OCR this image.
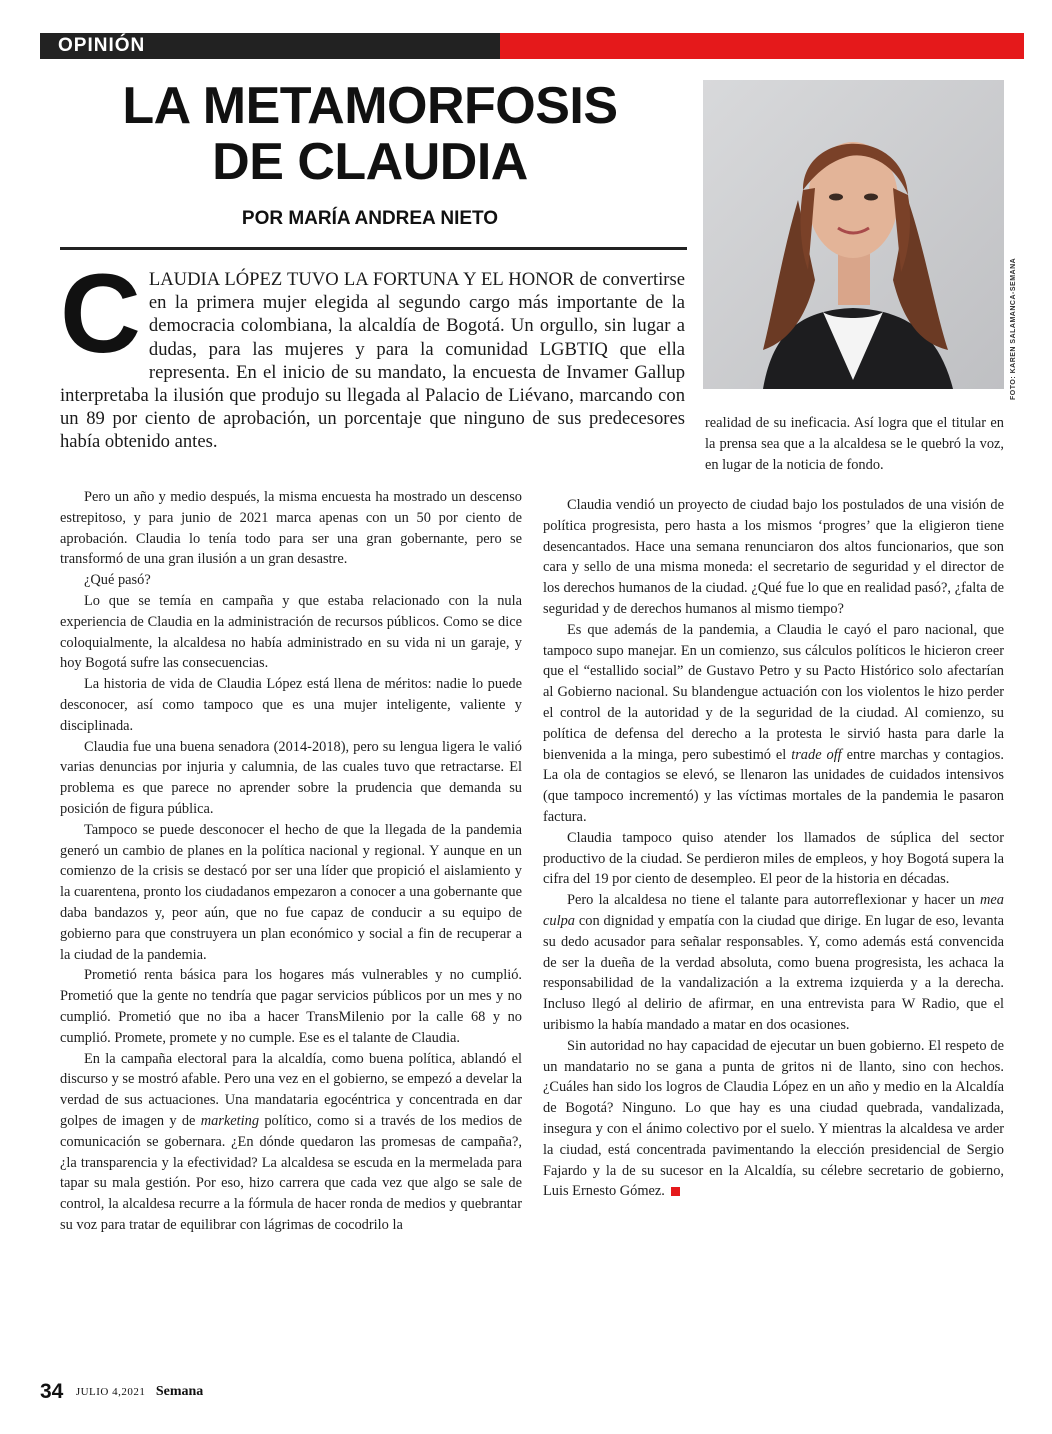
OPINIÓN
LA METAMORFOSIS
DE CLAUDIA
POR MARÍA ANDREA NIETO
FOTO: KAREN SALAMANCA-SEMANA
C LAUDIA LÓPEZ TUVO LA FORTUNA Y EL HONOR de convertirse en la primera mujer elegida al segundo cargo más importante de la democracia colombiana, la alcaldía de Bogotá. Un orgullo, sin lugar a dudas, para las mujeres y para la comunidad LGBTIQ que ella representa. En el inicio de su mandato, la encuesta de Invamer Gallup interpretaba la ilusión que produjo su llegada al Palacio de Liévano, marcando con un 89 por ciento de aprobación, un porcentaje que ninguno de sus predecesores había obtenido antes.

Pero un año y medio después, la misma encuesta ha mostrado un descenso estrepitoso, y para junio de 2021 marca apenas con un 50 por ciento de aprobación. Claudia lo tenía todo para ser una gran gobernante, pero se transformó de una gran ilusión a un gran desastre.

¿Qué pasó?

Lo que se temía en campaña y que estaba relacionado con la nula experiencia de Claudia en la administración de recursos públicos. Como se dice coloquialmente, la alcaldesa no había administrado en su vida ni un garaje, y hoy Bogotá sufre las consecuencias.

La historia de vida de Claudia López está llena de méritos: nadie lo puede desconocer, así como tampoco que es una mujer inteligente, valiente y disciplinada.

Claudia fue una buena senadora (2014-2018), pero su lengua ligera le valió varias denuncias por injuria y calumnia, de las cuales tuvo que retractarse. El problema es que parece no aprender sobre la prudencia que demanda su posición de figura pública.

Tampoco se puede desconocer el hecho de que la llegada de la pandemia generó un cambio de planes en la política nacional y regional. Y aunque en un comienzo de la crisis se destacó por ser una líder que propició el aislamiento y la cuarentena, pronto los ciudadanos empezaron a conocer a una gobernante que daba bandazos y, peor aún, que no fue capaz de conducir a su equipo de gobierno para que construyera un plan económico y social a fin de recuperar a la ciudad de la pandemia.

Prometió renta básica para los hogares más vulnerables y no cumplió. Prometió que la gente no tendría que pagar servicios públicos por un mes y no cumplió. Prometió que no iba a hacer TransMilenio por la calle 68 y no cumplió. Promete, promete y no cumple. Ese es el talante de Claudia.

En la campaña electoral para la alcaldía, como buena política, ablandó el discurso y se mostró afable. Pero una vez en el gobierno, se empezó a develar la verdad de sus actuaciones. Una mandataria egocéntrica y concentrada en dar golpes de imagen y de marketing político, como si a través de los medios de comunicación se gobernara. ¿En dónde quedaron las promesas de campaña?, ¿la transparencia y la efectividad? La alcaldesa se escuda en la mermelada para tapar su mala gestión. Por eso, hizo carrera que cada vez que algo se sale de control, la alcaldesa recurre a la fórmula de hacer ronda de medios y quebrantar su voz para tratar de equilibrar con lágrimas de cocodrilo la

realidad de su ineficacia. Así logra que el titular en la prensa sea que a la alcaldesa se le quebró la voz, en lugar de la noticia de fondo.

Claudia vendió un proyecto de ciudad bajo los postulados de una visión de política progresista, pero hasta a los mismos ‘progres’ que la eligieron tiene desencantados. Hace una semana renunciaron dos altos funcionarios, que son cara y sello de una misma moneda: el secretario de seguridad y el director de los derechos humanos de la ciudad. ¿Qué fue lo que en realidad pasó?, ¿falta de seguridad y de derechos humanos al mismo tiempo?

Es que además de la pandemia, a Claudia le cayó el paro nacional, que tampoco supo manejar. En un comienzo, sus cálculos políticos le hicieron creer que el “estallido social” de Gustavo Petro y su Pacto Histórico solo afectarían al Gobierno nacional. Su blandengue actuación con los violentos le hizo perder el control de la autoridad y de la seguridad de la ciudad. Al comienzo, su política de defensa del derecho a la protesta le sirvió hasta para darle la bienvenida a la minga, pero subestimó el trade off entre marchas y contagios. La ola de contagios se elevó, se llenaron las unidades de cuidados intensivos (que tampoco incrementó) y las víctimas mortales de la pandemia le pasaron factura.

Claudia tampoco quiso atender los llamados de súplica del sector productivo de la ciudad. Se perdieron miles de empleos, y hoy Bogotá supera la cifra del 19 por ciento de desempleo. El peor de la historia en décadas.

Pero la alcaldesa no tiene el talante para autorreflexionar y hacer un mea culpa con dignidad y empatía con la ciudad que dirige. En lugar de eso, levanta su dedo acusador para señalar responsables. Y, como además está convencida de ser la dueña de la verdad absoluta, como buena progresista, les achaca la responsabilidad de la vandalización a la extrema izquierda y a la derecha. Incluso llegó al delirio de afirmar, en una entrevista para W Radio, que el uribismo la había mandado a matar en dos ocasiones.

Sin autoridad no hay capacidad de ejecutar un buen gobierno. El respeto de un mandatario no se gana a punta de gritos ni de llanto, sino con hechos. ¿Cuáles han sido los logros de Claudia López en un año y medio en la Alcaldía de Bogotá? Ninguno. Lo que hay es una ciudad quebrada, vandalizada, insegura y con el ánimo colectivo por el suelo. Y mientras la alcaldesa ve arder la ciudad, está concentrada pavimentando la elección presidencial de Sergio Fajardo y la de su sucesor en la Alcaldía, su célebre secretario de gobierno, Luis Ernesto Gómez.

34 JULIO 4,2021 Semana
